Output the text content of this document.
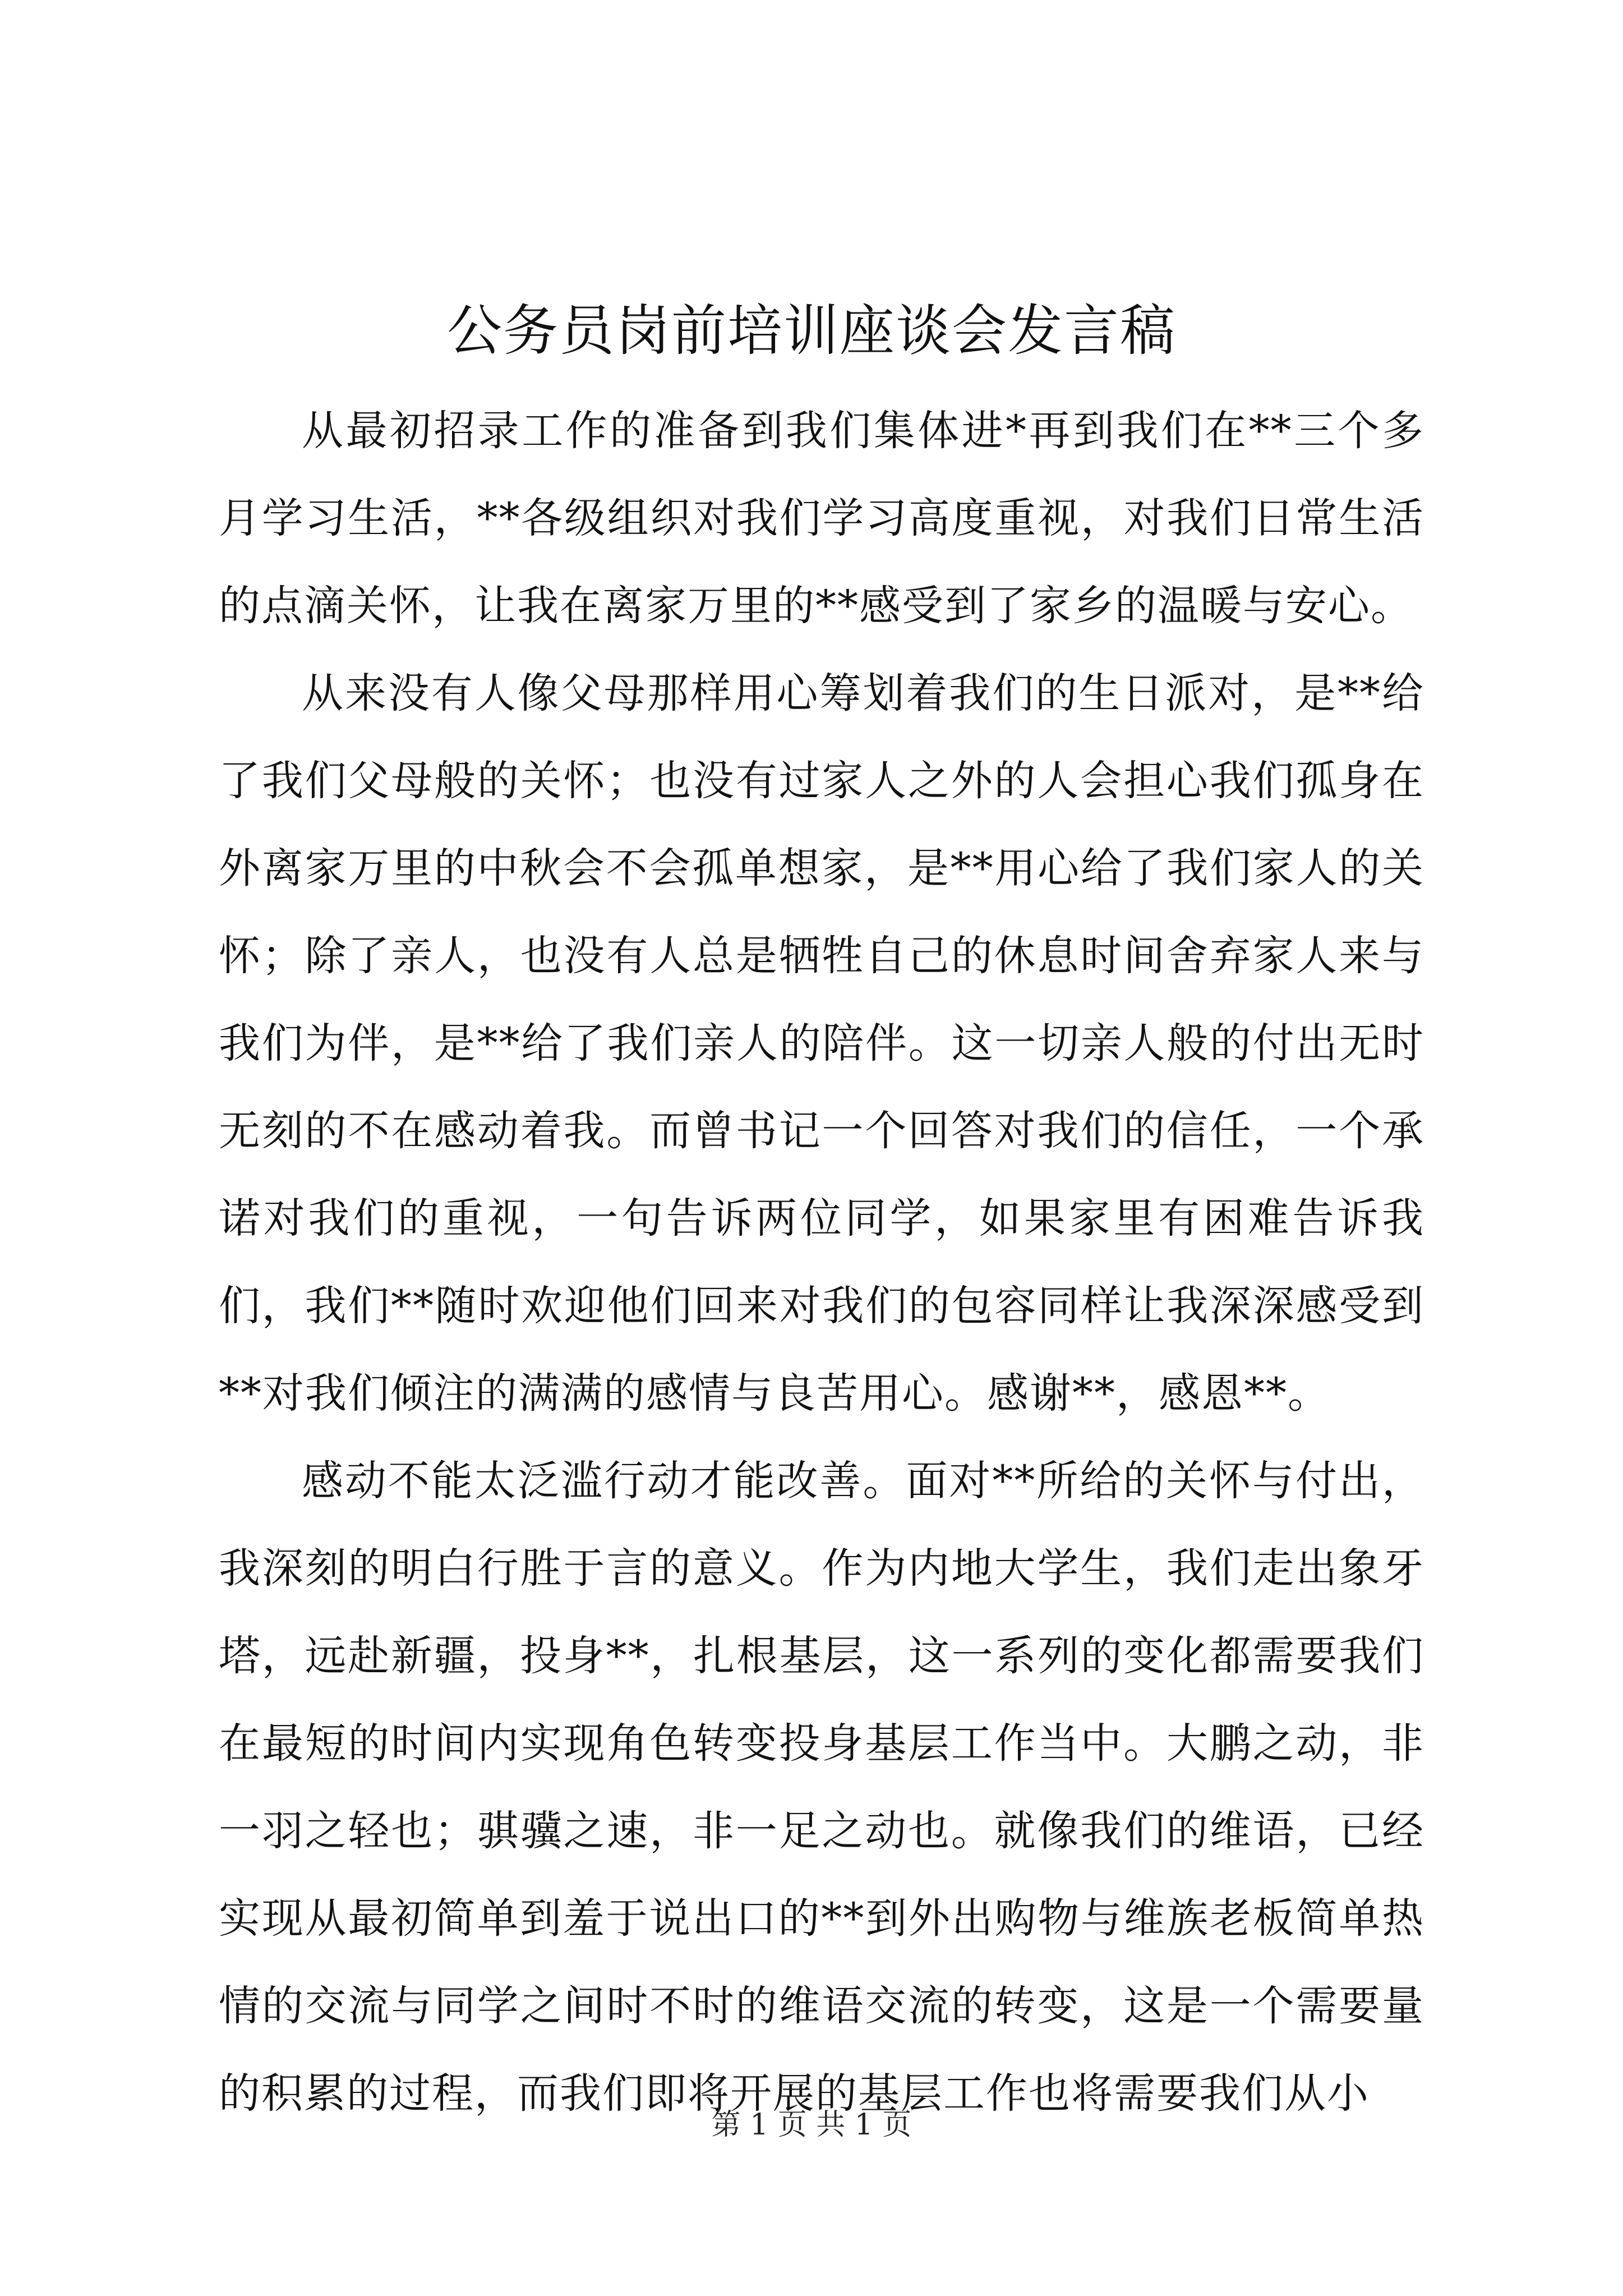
公务员岗前培训座谈会发言稿

从最初招录工作的准备到我们集体进*再到我们在**三个多月学习生活，**各级组织对我们学习高度重视，对我们日常生活的点滴关怀，让我在离家万里的**感受到了家乡的温暖与安心。

从来没有人像父母那样用心筹划着我们的生日派对，是**给了我们父母般的关怀；也没有过家人之外的人会担心我们孤身在外离家万里的中秋会不会孤单想家，是**用心给了我们家人的关怀；除了亲人，也没有人总是牺牲自己的休息时间舍弃家人来与我们为伴，是**给了我们亲人的陪伴。这一切亲人般的付出无时无刻的不在感动着我。而曾书记一个回答对我们的信任，一个承诺对我们的重视，一句告诉两位同学，如果家里有困难告诉我们，我们**随时欢迎他们回来对我们的包容同样让我深深感受到**对我们倾注的满满的感情与良苦用心。感谢**，感恩**。

感动不能太泛滥行动才能改善。面对**所给的关怀与付出，我深刻的明白行胜于言的意义。作为内地大学生，我们走出象牙塔，远赴新疆，投身**，扎根基层，这一系列的变化都需要我们在最短的时间内实现角色转变投身基层工作当中。大鹏之动，非一羽之轻也；骐骥之速，非一足之动也。就像我们的维语，已经实现从最初简单到羞于说出口的**到外出购物与维族老板简单热情的交流与同学之间时不时的维语交流的转变，这是一个需要量的积累的过程，而我们即将开展的基层工作也将需要我们从小

第 1 页 共 1 页
